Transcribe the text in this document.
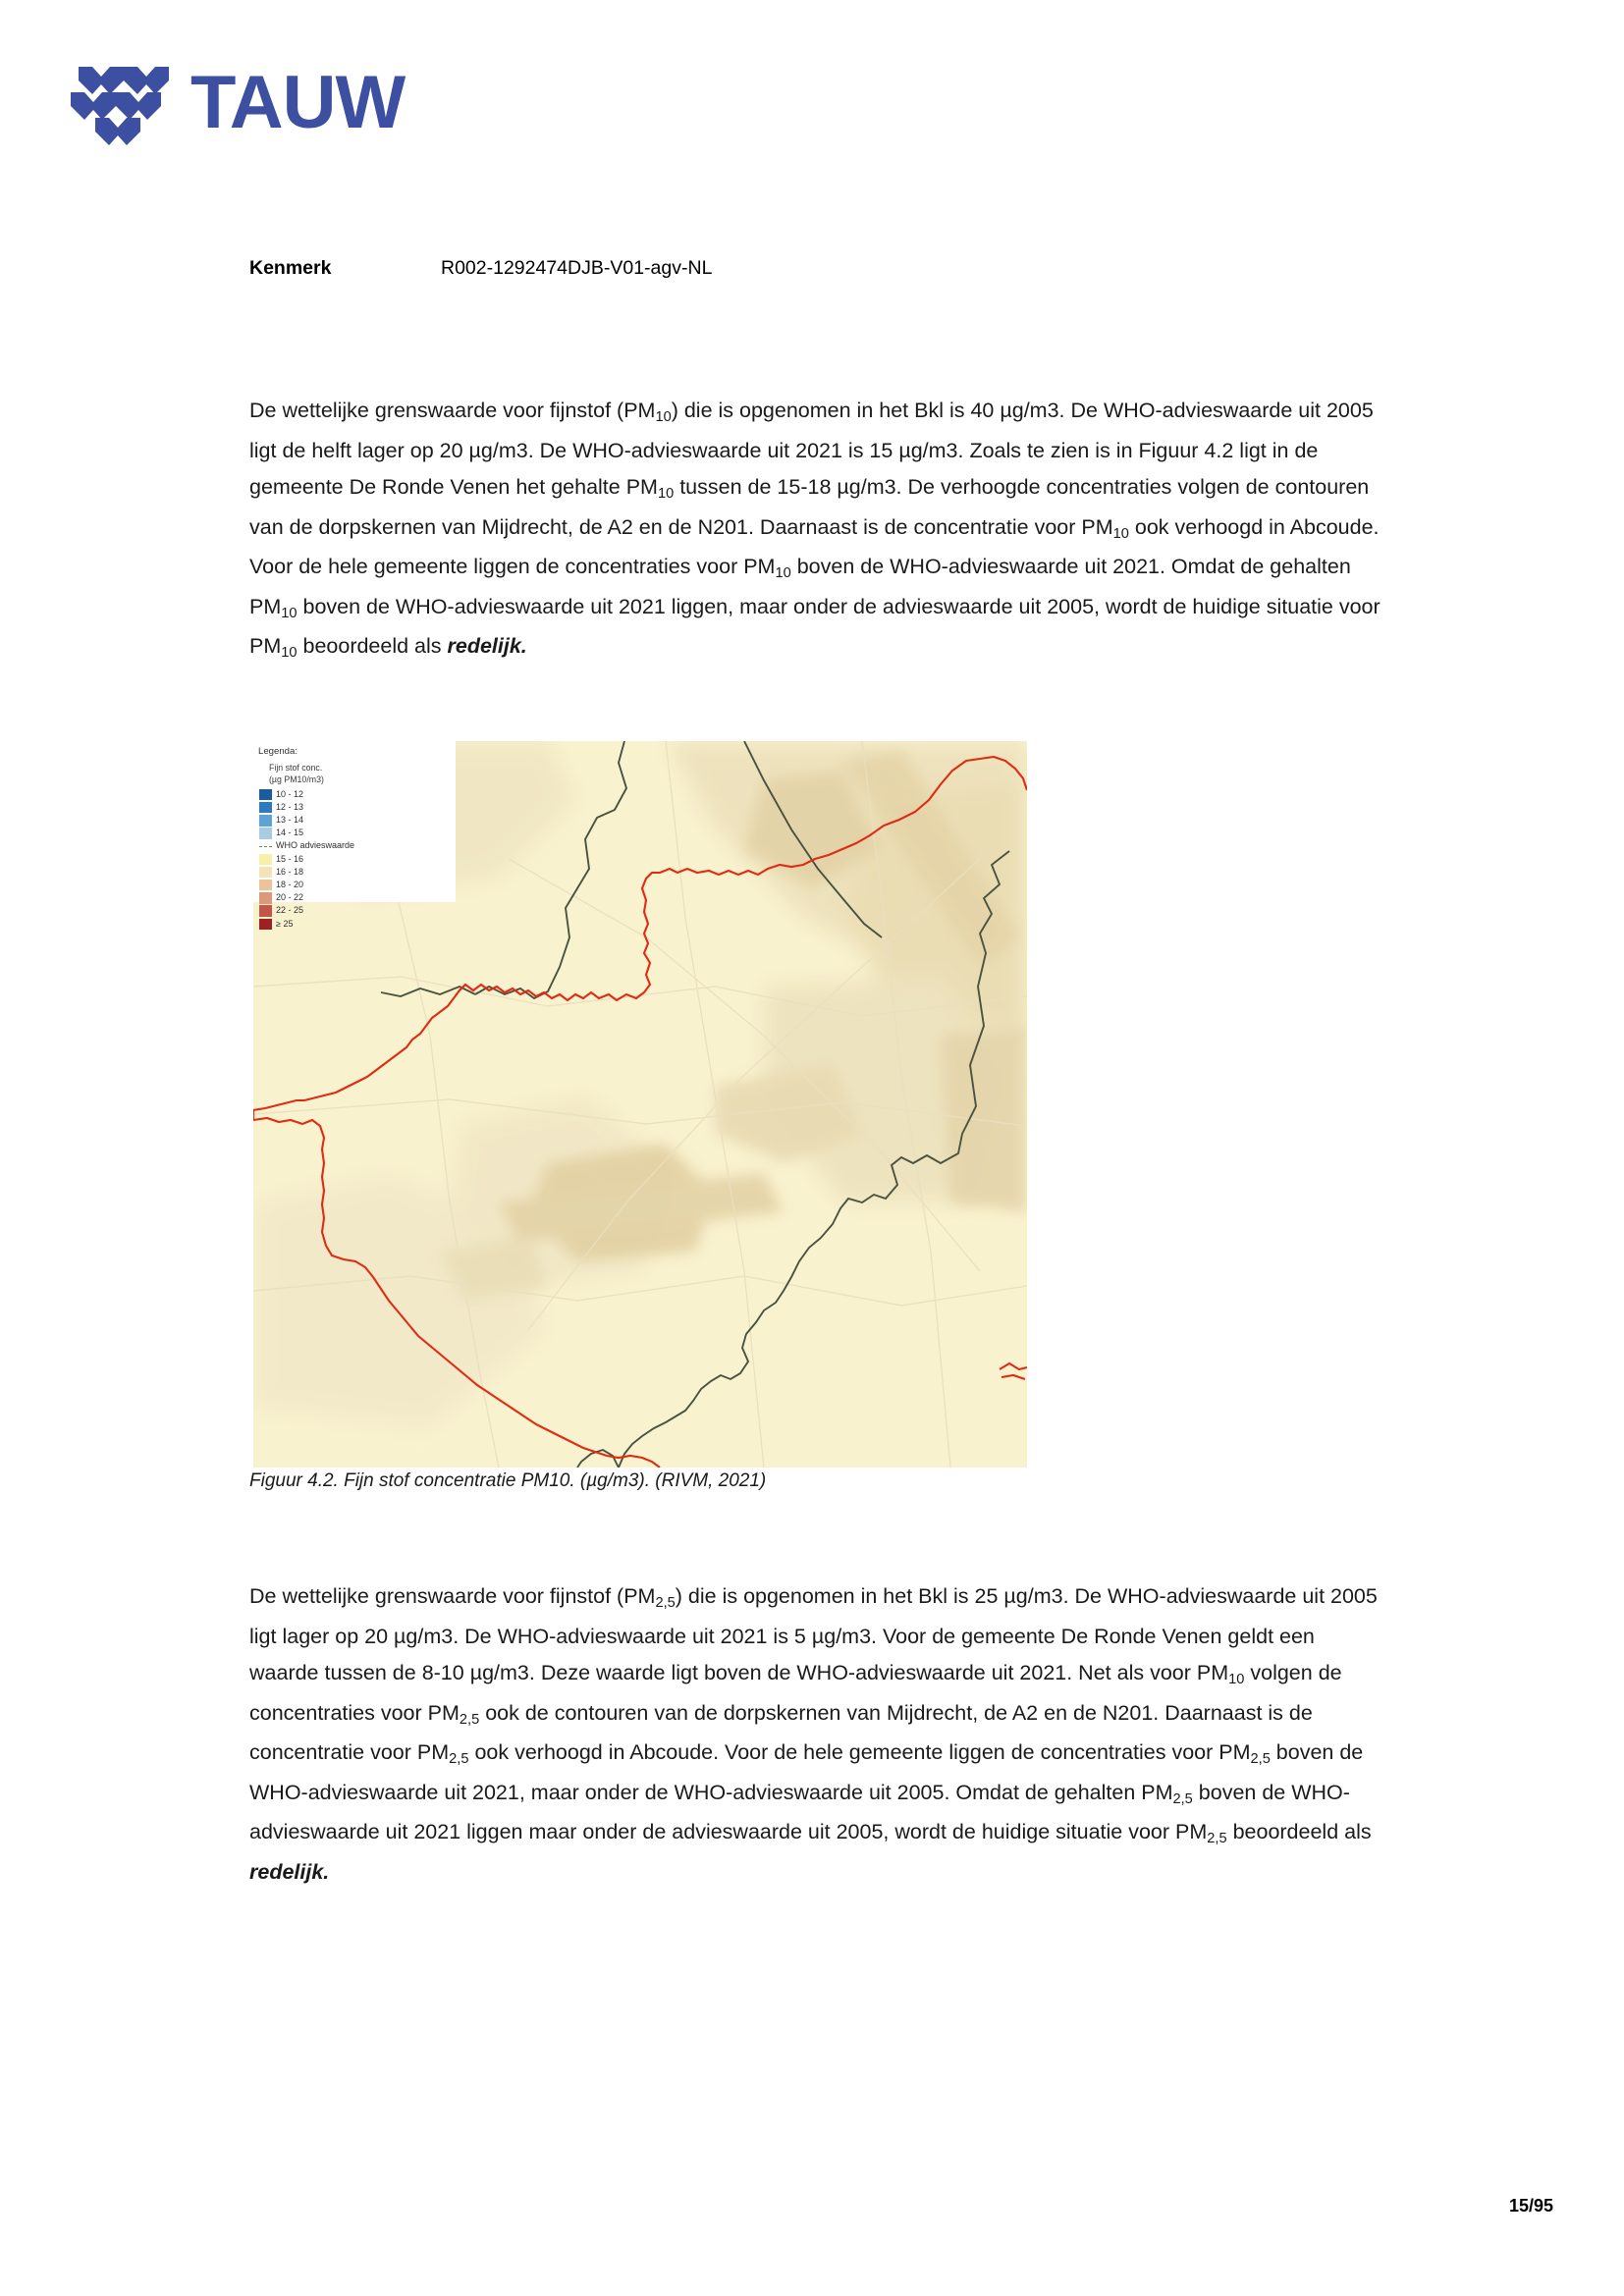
TAUW
Kenmerk	R002-1292474DJB-V01-agv-NL
De wettelijke grenswaarde voor fijnstof $(PM_{10})$ die is opgenomen in het Bkl is 40 µg/m3. De WHO-advieswaarde uit 2005 ligt de helft lager op 20 µg/m3. De WHO-advieswaarde uit 2021 is 15 µg/m3. Zoals te zien is in Figuur 4.2 ligt in de gemeente De Ronde Venen het gehalte $PM_{10}$ tussen de 15-18 µg/m3. De verhoogde concentraties volgen de contouren van de dorpskernen van Mijdrecht, de A2 en de N201. Daarnaast is de concentratie voor $PM_{10}$ ook verhoogd in Abcoude. Voor de hele gemeente liggen de concentraties voor $PM_{10}$ boven de WHO-advieswaarde uit 2021. Omdat de gehalten $PM_{10}$ boven de WHO-advieswaarde uit 2021 liggen, maar onder de advieswaarde uit 2005, wordt de huidige situatie voor $PM_{10}$ beoordeeld als redelijk.
Legenda:
Fijn stof conc.
(µg PM10/m3)
10 - 12
12 - 13
13 - 14
14 - 15
WHO advieswaarde
15 - 16
16 - 18
18 - 20
20 - 22
22 - 25
≥ 25
Figuur 4.2. Fijn stof concentratie PM10. (µg/m3). (RIVM, 2021)
De wettelijke grenswaarde voor fijnstof $(PM_{2,5})$ die is opgenomen in het Bkl is 25 µg/m3. De WHO-advieswaarde uit 2005 ligt lager op 20 µg/m3. De WHO-advieswaarde uit 2021 is 5 µg/m3. Voor de gemeente De Ronde Venen geldt een waarde tussen de 8-10 µg/m3. Deze waarde ligt boven de WHO-advieswaarde uit 2021. Net als voor $PM_{10}$ volgen de concentraties voor $PM_{2,5}$ ook de contouren van de dorpskernen van Mijdrecht, de A2 en de N201. Daarnaast is de concentratie voor $PM_{2,5}$ ook verhoogd in Abcoude. Voor de hele gemeente liggen de concentraties voor $PM_{2,5}$ boven de WHO-advieswaarde uit 2021, maar onder de WHO-advieswaarde uit 2005. Omdat de gehalten $PM_{2,5}$ boven de WHO-advieswaarde uit 2021 liggen maar onder de advieswaarde uit 2005, wordt de huidige situatie voor $PM_{2,5}$ beoordeeld als redelijk.
15/95
